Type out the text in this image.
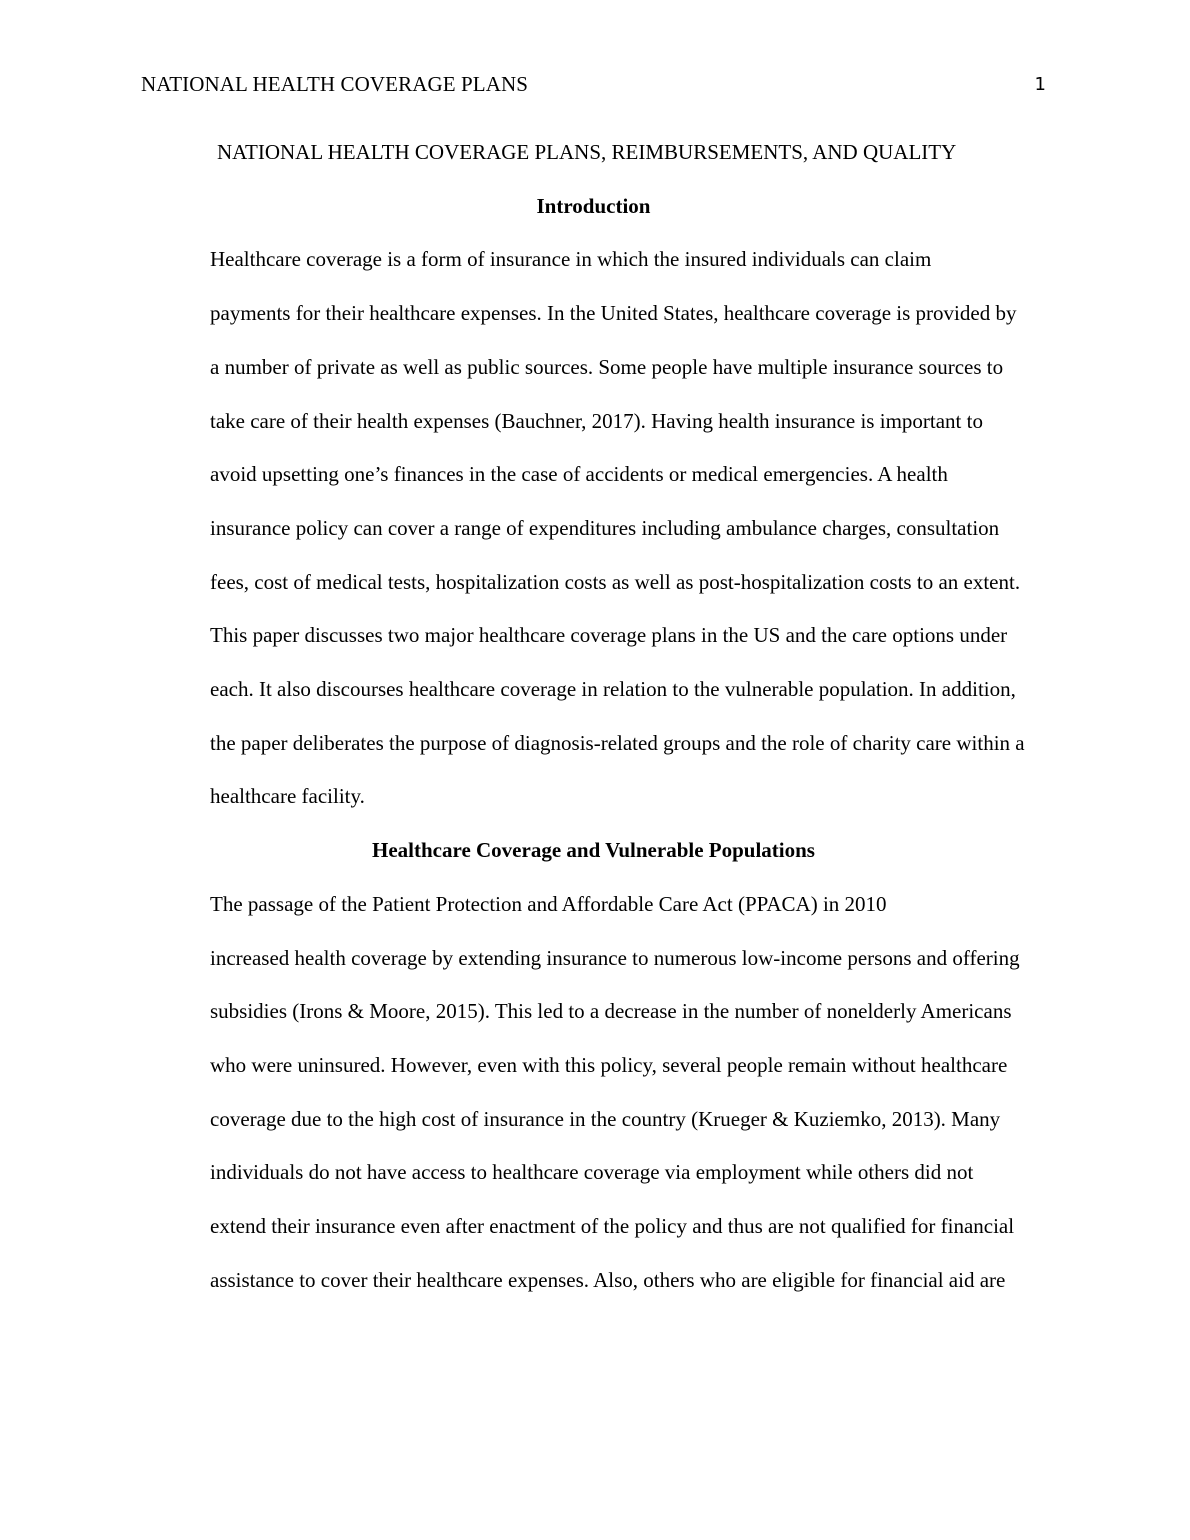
NATIONAL HEALTH COVERAGE PLANS	1
NATIONAL HEALTH COVERAGE PLANS, REIMBURSEMENTS, AND QUALITY
Introduction

Healthcare coverage is a form of insurance in which the insured individuals can claim
payments for their healthcare expenses. In the United States, healthcare coverage is provided by
a number of private as well as public sources. Some people have multiple insurance sources to
take care of their health expenses (Bauchner, 2017). Having health insurance is important to
avoid upsetting one’s finances in the case of accidents or medical emergencies. A health
insurance policy can cover a range of expenditures including ambulance charges, consultation
fees, cost of medical tests, hospitalization costs as well as post-hospitalization costs to an extent.
This paper discusses two major healthcare coverage plans in the US and the care options under
each. It also discourses healthcare coverage in relation to the vulnerable population. In addition,
the paper deliberates the purpose of diagnosis-related groups and the role of charity care within a
healthcare facility.

Healthcare Coverage and Vulnerable Populations

The passage of the Patient Protection and Affordable Care Act (PPACA) in 2010
increased health coverage by extending insurance to numerous low-income persons and offering
subsidies (Irons & Moore, 2015). This led to a decrease in the number of nonelderly Americans
who were uninsured. However, even with this policy, several people remain without healthcare
coverage due to the high cost of insurance in the country (Krueger & Kuziemko, 2013). Many
individuals do not have access to healthcare coverage via employment while others did not
extend their insurance even after enactment of the policy and thus are not qualified for financial
assistance to cover their healthcare expenses. Also, others who are eligible for financial aid are
